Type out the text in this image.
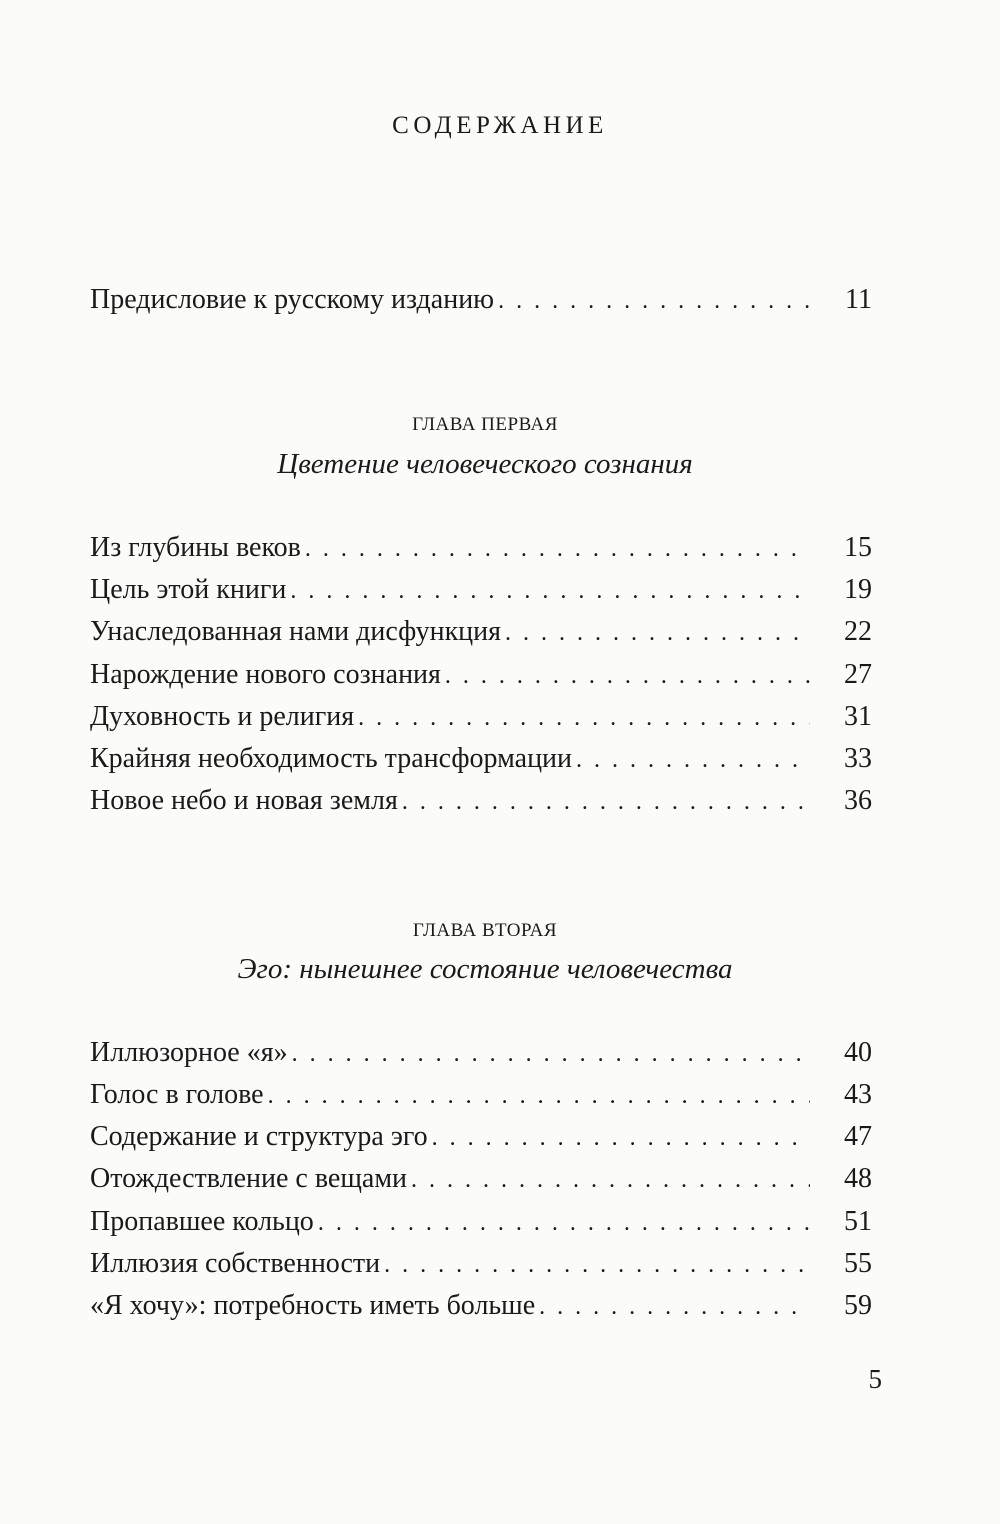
СОДЕРЖАНИЕ
Предисловие к русскому изданию . . .	11
ГЛАВА ПЕРВАЯ
Цветение человеческого сознания
Из глубины веков . . .	15
Цель этой книги . . .	19
Унаследованная нами дисфункция . . .	22
Нарождение нового сознания . . .	27
Духовность и религия . . .	31
Крайняя необходимость трансформации . . .	33
Новое небо и новая земля . . .	36
ГЛАВА ВТОРАЯ
Эго: нынешнее состояние человечества
Иллюзорное «я» . . .	40
Голос в голове . . .	43
Содержание и структура эго . . .	47
Отождествление с вещами . . .	48
Пропавшее кольцо . . .	51
Иллюзия собственности . . .	55
«Я хочу»: потребность иметь больше . . .	59
5
